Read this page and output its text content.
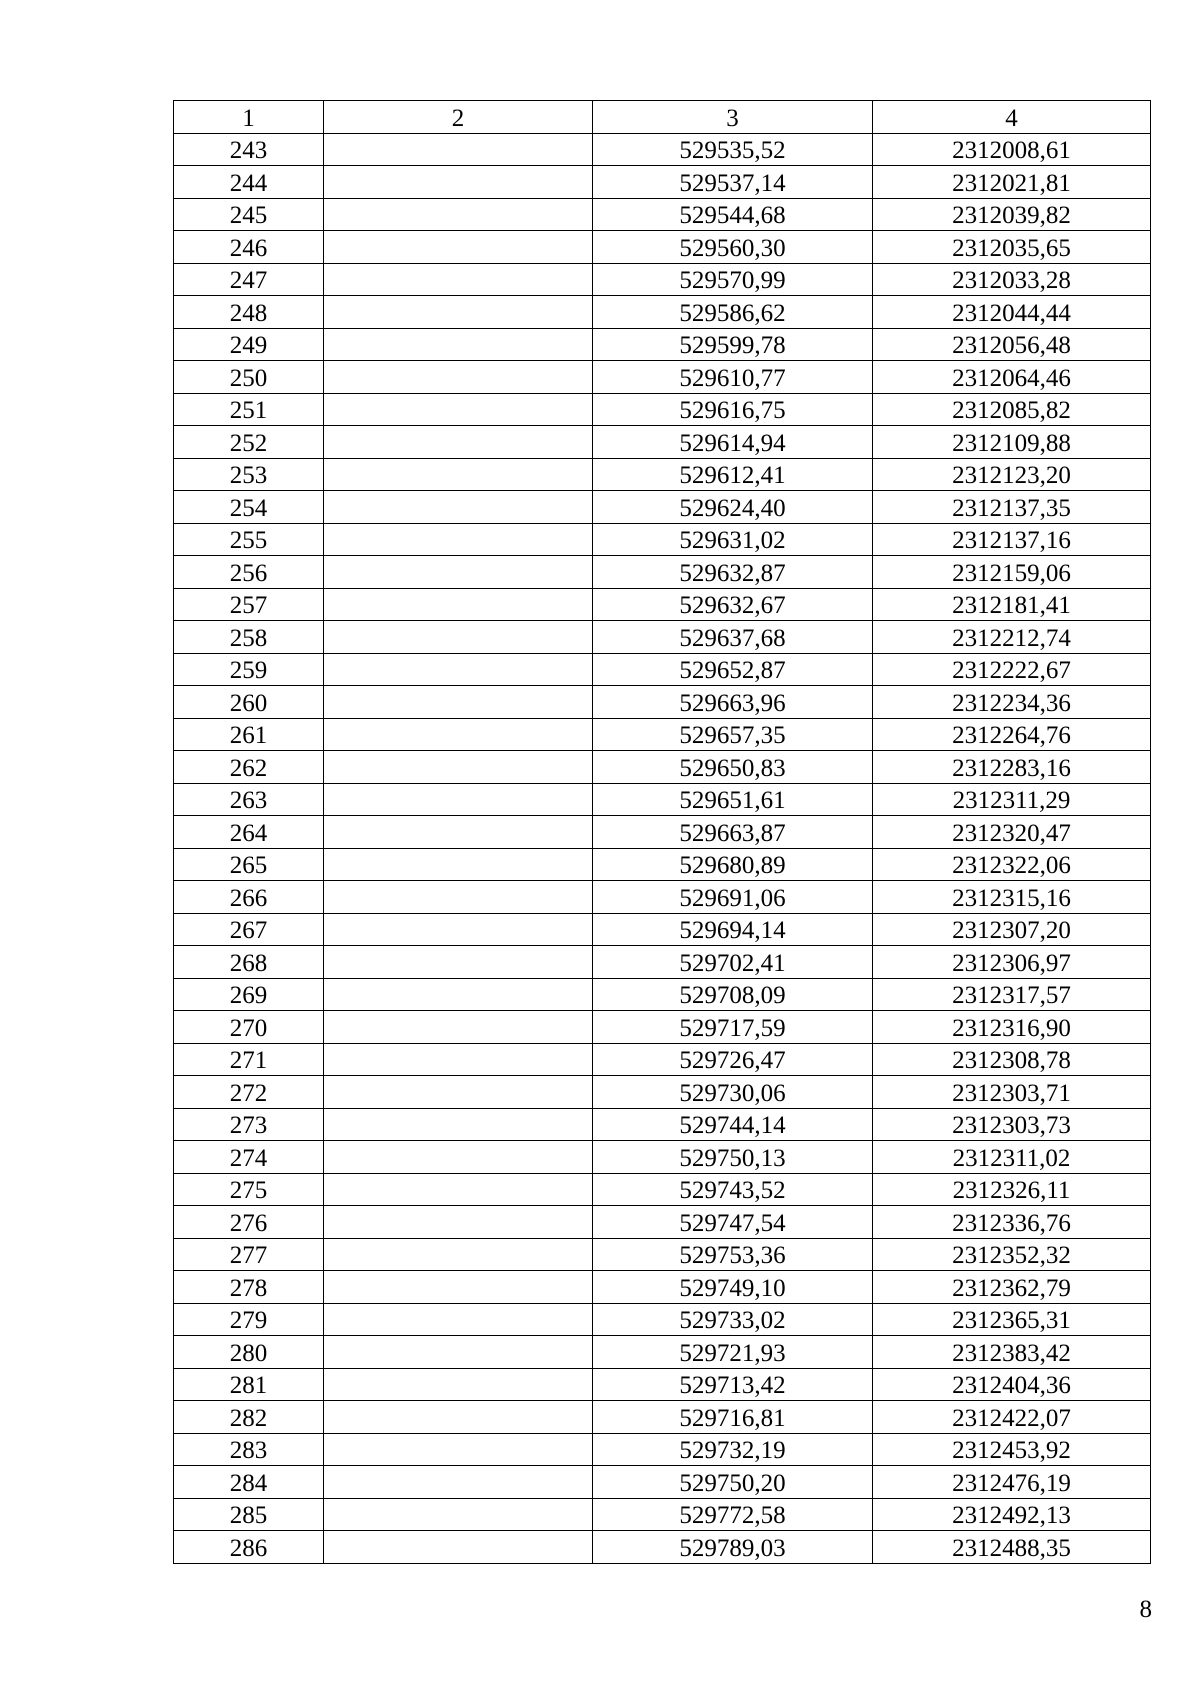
1	2	3	4
243		529535,52	2312008,61
244		529537,14	2312021,81
245		529544,68	2312039,82
246		529560,30	2312035,65
247		529570,99	2312033,28
248		529586,62	2312044,44
249		529599,78	2312056,48
250		529610,77	2312064,46
251		529616,75	2312085,82
252		529614,94	2312109,88
253		529612,41	2312123,20
254		529624,40	2312137,35
255		529631,02	2312137,16
256		529632,87	2312159,06
257		529632,67	2312181,41
258		529637,68	2312212,74
259		529652,87	2312222,67
260		529663,96	2312234,36
261		529657,35	2312264,76
262		529650,83	2312283,16
263		529651,61	2312311,29
264		529663,87	2312320,47
265		529680,89	2312322,06
266		529691,06	2312315,16
267		529694,14	2312307,20
268		529702,41	2312306,97
269		529708,09	2312317,57
270		529717,59	2312316,90
271		529726,47	2312308,78
272		529730,06	2312303,71
273		529744,14	2312303,73
274		529750,13	2312311,02
275		529743,52	2312326,11
276		529747,54	2312336,76
277		529753,36	2312352,32
278		529749,10	2312362,79
279		529733,02	2312365,31
280		529721,93	2312383,42
281		529713,42	2312404,36
282		529716,81	2312422,07
283		529732,19	2312453,92
284		529750,20	2312476,19
285		529772,58	2312492,13
286		529789,03	2312488,35
8
